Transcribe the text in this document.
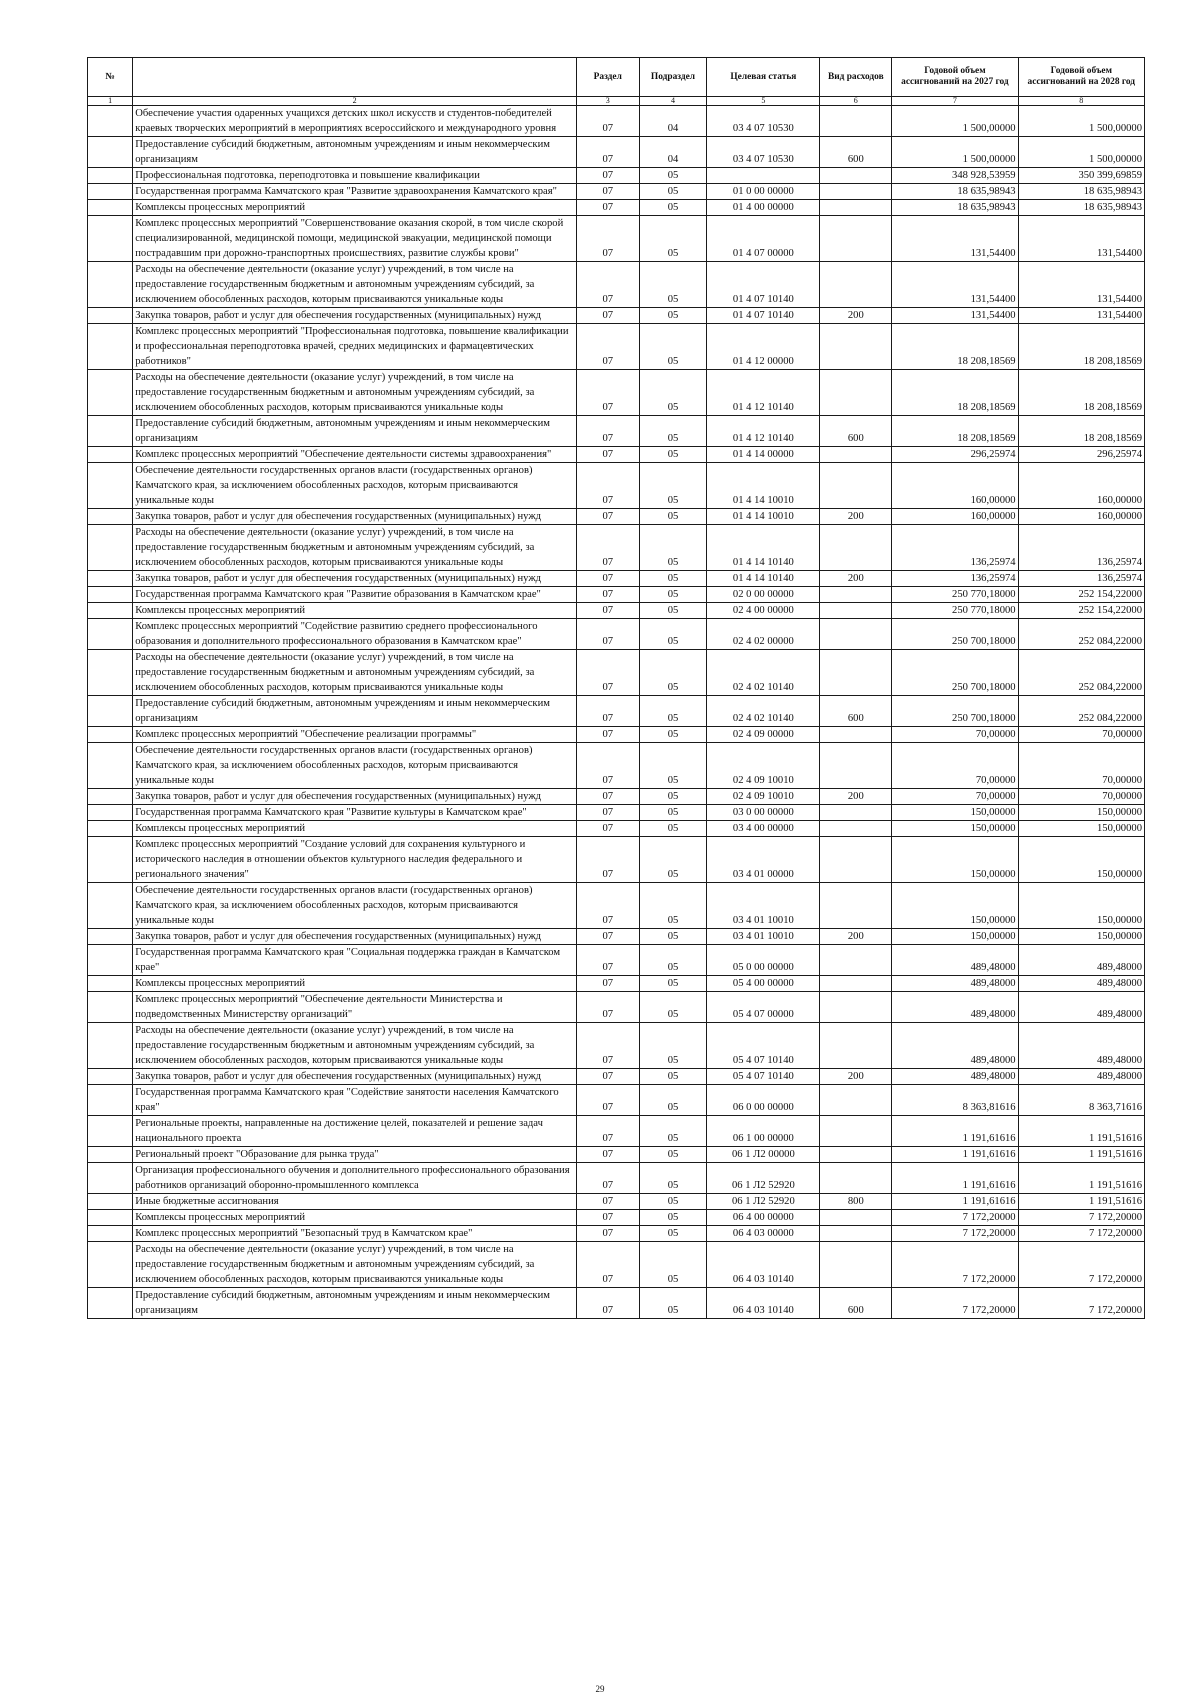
№		Раздел	Подраздел	Целевая статья	Вид расходов	Годовой объем ассигнований на 2027 год	Годовой объем ассигнований на 2028 год
1	2	3	4	5	6	7	8
	Обеспечение участия одаренных учащихся детских школ искусств и студентов-победителей краевых творческих мероприятий в мероприятиях всероссийского и международного уровня	07	04	03 4 07 10530		1 500,00000	1 500,00000
	Предоставление субсидий бюджетным, автономным учреждениям и иным некоммерческим организациям	07	04	03 4 07 10530	600	1 500,00000	1 500,00000
	Профессиональная подготовка, переподготовка и повышение квалификации	07	05			348 928,53959	350 399,69859
	Государственная программа Камчатского края "Развитие здравоохранения Камчатского края"	07	05	01 0 00 00000		18 635,98943	18 635,98943
	Комплексы процессных мероприятий	07	05	01 4 00 00000		18 635,98943	18 635,98943
	Комплекс процессных мероприятий "Совершенствование оказания скорой, в том числе скорой специализированной, медицинской помощи, медицинской эвакуации, медицинской помощи пострадавшим при дорожно-транспортных происшествиях, развитие службы крови"	07	05	01 4 07 00000		131,54400	131,54400
	Расходы на обеспечение деятельности (оказание услуг) учреждений, в том числе на предоставление государственным бюджетным и автономным учреждениям субсидий, за исключением обособленных расходов, которым присваиваются уникальные коды	07	05	01 4 07 10140		131,54400	131,54400
	Закупка товаров, работ и услуг для обеспечения государственных (муниципальных) нужд	07	05	01 4 07 10140	200	131,54400	131,54400
	Комплекс процессных мероприятий "Профессиональная подготовка, повышение квалификации и профессиональная переподготовка врачей, средних медицинских и фармацевтических работников"	07	05	01 4 12 00000		18 208,18569	18 208,18569
	Расходы на обеспечение деятельности (оказание услуг) учреждений, в том числе на предоставление государственным бюджетным и автономным учреждениям субсидий, за исключением обособленных расходов, которым присваиваются уникальные коды	07	05	01 4 12 10140		18 208,18569	18 208,18569
	Предоставление субсидий бюджетным, автономным учреждениям и иным некоммерческим организациям	07	05	01 4 12 10140	600	18 208,18569	18 208,18569
	Комплекс процессных мероприятий "Обеспечение деятельности системы здравоохранения"	07	05	01 4 14 00000		296,25974	296,25974
	Обеспечение деятельности государственных органов власти (государственных органов) Камчатского края, за исключением обособленных расходов, которым присваиваются уникальные коды	07	05	01 4 14 10010		160,00000	160,00000
	Закупка товаров, работ и услуг для обеспечения государственных (муниципальных) нужд	07	05	01 4 14 10010	200	160,00000	160,00000
	Расходы на обеспечение деятельности (оказание услуг) учреждений, в том числе на предоставление государственным бюджетным и автономным учреждениям субсидий, за исключением обособленных расходов, которым присваиваются уникальные коды	07	05	01 4 14 10140		136,25974	136,25974
	Закупка товаров, работ и услуг для обеспечения государственных (муниципальных) нужд	07	05	01 4 14 10140	200	136,25974	136,25974
	Государственная программа Камчатского края "Развитие образования в Камчатском крае"	07	05	02 0 00 00000		250 770,18000	252 154,22000
	Комплексы процессных мероприятий	07	05	02 4 00 00000		250 770,18000	252 154,22000
	Комплекс процессных мероприятий "Содействие развитию среднего профессионального образования и дополнительного профессионального образования в Камчатском крае"	07	05	02 4 02 00000		250 700,18000	252 084,22000
	Расходы на обеспечение деятельности (оказание услуг) учреждений, в том числе на предоставление государственным бюджетным и автономным учреждениям субсидий, за исключением обособленных расходов, которым присваиваются уникальные коды	07	05	02 4 02 10140		250 700,18000	252 084,22000
	Предоставление субсидий бюджетным, автономным учреждениям и иным некоммерческим организациям	07	05	02 4 02 10140	600	250 700,18000	252 084,22000
	Комплекс процессных мероприятий "Обеспечение реализации программы"	07	05	02 4 09 00000		70,00000	70,00000
	Обеспечение деятельности государственных органов власти (государственных органов) Камчатского края, за исключением обособленных расходов, которым присваиваются уникальные коды	07	05	02 4 09 10010		70,00000	70,00000
	Закупка товаров, работ и услуг для обеспечения государственных (муниципальных) нужд	07	05	02 4 09 10010	200	70,00000	70,00000
	Государственная программа Камчатского края "Развитие культуры в Камчатском крае"	07	05	03 0 00 00000		150,00000	150,00000
	Комплексы процессных мероприятий	07	05	03 4 00 00000		150,00000	150,00000
	Комплекс процессных мероприятий "Создание условий для сохранения культурного и исторического наследия в отношении объектов культурного наследия федерального и регионального значения"	07	05	03 4 01 00000		150,00000	150,00000
	Обеспечение деятельности государственных органов власти (государственных органов) Камчатского края, за исключением обособленных расходов, которым присваиваются уникальные коды	07	05	03 4 01 10010		150,00000	150,00000
	Закупка товаров, работ и услуг для обеспечения государственных (муниципальных) нужд	07	05	03 4 01 10010	200	150,00000	150,00000
	Государственная программа Камчатского края "Социальная поддержка граждан в Камчатском крае"	07	05	05 0 00 00000		489,48000	489,48000
	Комплексы процессных мероприятий	07	05	05 4 00 00000		489,48000	489,48000
	Комплекс процессных мероприятий "Обеспечение деятельности Министерства и подведомственных Министерству организаций"	07	05	05 4 07 00000		489,48000	489,48000
	Расходы на обеспечение деятельности (оказание услуг) учреждений, в том числе на предоставление государственным бюджетным и автономным учреждениям субсидий, за исключением обособленных расходов, которым присваиваются уникальные коды	07	05	05 4 07 10140		489,48000	489,48000
	Закупка товаров, работ и услуг для обеспечения государственных (муниципальных) нужд	07	05	05 4 07 10140	200	489,48000	489,48000
	Государственная программа Камчатского края "Содействие занятости населения Камчатского края"	07	05	06 0 00 00000		8 363,81616	8 363,71616
	Региональные проекты, направленные на достижение целей, показателей и решение задач национального проекта	07	05	06 1 00 00000		1 191,61616	1 191,51616
	Региональный проект "Образование для рынка труда"	07	05	06 1 Л2 00000		1 191,61616	1 191,51616
	Организация профессионального обучения и дополнительного профессионального образования работников организаций оборонно-промышленного комплекса	07	05	06 1 Л2 52920		1 191,61616	1 191,51616
	Иные бюджетные ассигнования	07	05	06 1 Л2 52920	800	1 191,61616	1 191,51616
	Комплексы процессных мероприятий	07	05	06 4 00 00000		7 172,20000	7 172,20000
	Комплекс процессных мероприятий "Безопасный труд в Камчатском крае"	07	05	06 4 03 00000		7 172,20000	7 172,20000
	Расходы на обеспечение деятельности (оказание услуг) учреждений, в том числе на предоставление государственным бюджетным и автономным учреждениям субсидий, за исключением обособленных расходов, которым присваиваются уникальные коды	07	05	06 4 03 10140		7 172,20000	7 172,20000
	Предоставление субсидий бюджетным, автономным учреждениям и иным некоммерческим организациям	07	05	06 4 03 10140	600	7 172,20000	7 172,20000
29
